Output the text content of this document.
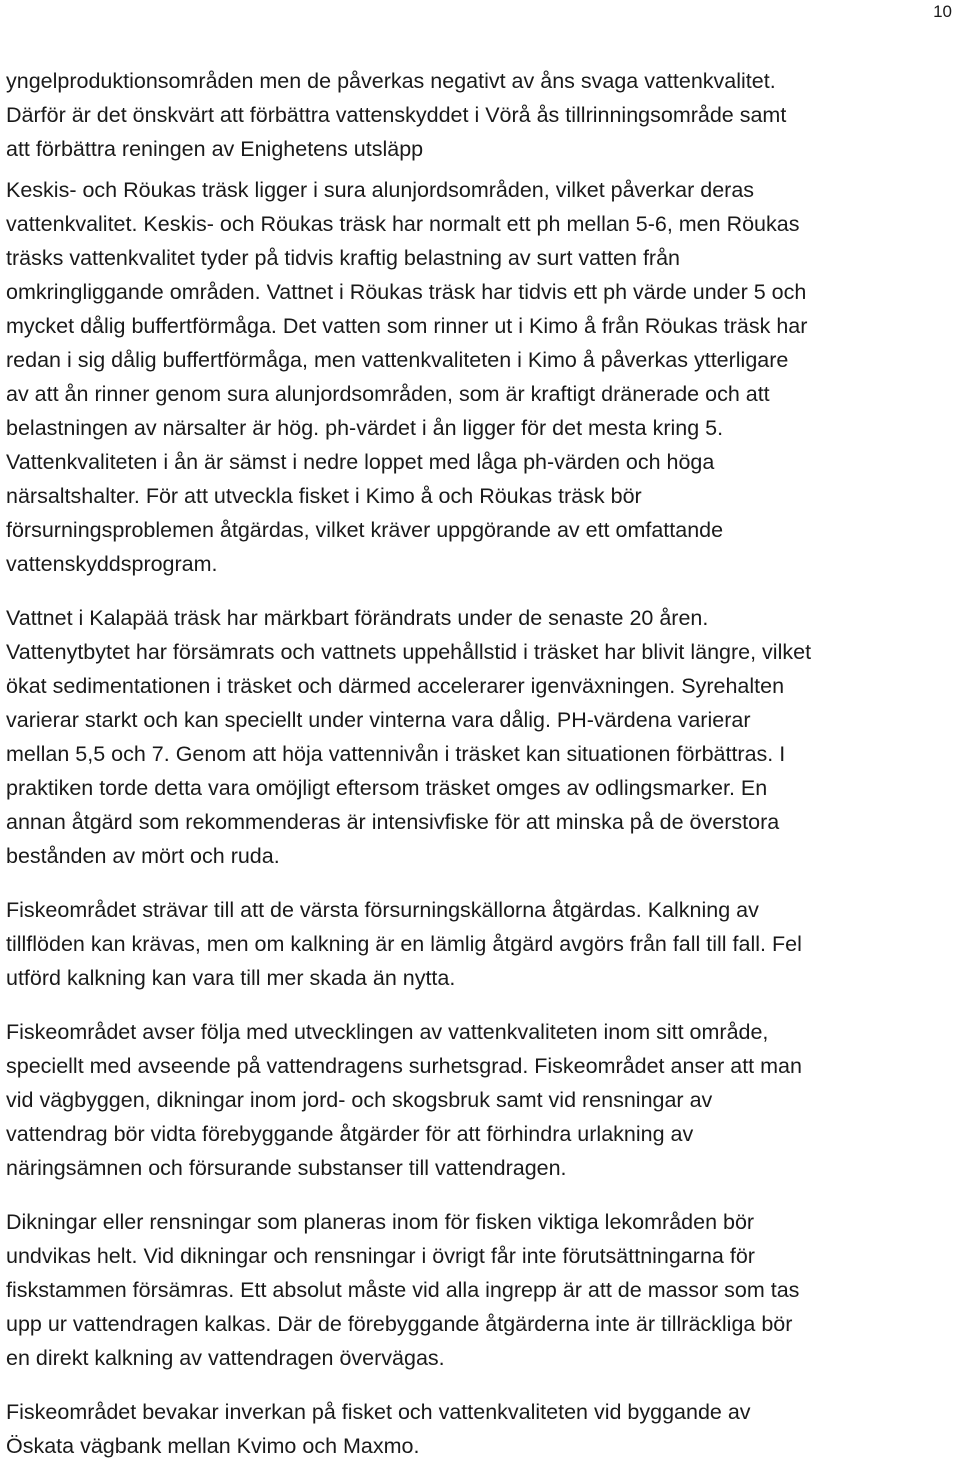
10

yngelproduktionsområden men de påverkas negativt av åns svaga vattenkvalitet.
Därför är det önskvärt att förbättra vattenskyddet i Vörå ås tillrinningsområde samt
att förbättra reningen av Enighetens utsläpp

Keskis- och Röukas träsk ligger i sura alunjordsområden, vilket påverkar deras
vattenkvalitet. Keskis- och Röukas träsk har normalt ett ph mellan 5-6, men Röukas
träsks vattenkvalitet tyder på tidvis kraftig belastning av surt vatten från
omkringliggande områden. Vattnet i Röukas träsk har tidvis ett ph värde under 5 och
mycket dålig buffertförmåga. Det vatten som rinner ut i Kimo å från Röukas träsk har
redan i sig dålig buffertförmåga, men vattenkvaliteten i Kimo å påverkas ytterligare
av att ån rinner genom sura alunjordsområden, som är kraftigt dränerade och att
belastningen av närsalter är hög. ph-värdet i ån ligger för det mesta kring 5.
Vattenkvaliteten i ån är sämst i nedre loppet med låga ph-värden och höga
närsaltshalter. För att utveckla fisket i Kimo å och Röukas träsk bör
försurningsproblemen åtgärdas, vilket kräver uppgörande av ett omfattande
vattenskyddsprogram.

Vattnet i Kalapää träsk har märkbart förändrats under de senaste 20 åren.
Vattenytbytet har försämrats och vattnets uppehållstid i träsket har blivit längre, vilket
ökat sedimentationen i träsket och därmed accelerarer igenväxningen. Syrehalten
varierar starkt och kan speciellt under vinterna vara dålig. PH-värdena varierar
mellan 5,5 och 7. Genom att höja vattennivån i träsket kan situationen förbättras. I
praktiken torde detta vara omöjligt eftersom träsket omges av odlingsmarker. En
annan åtgärd som rekommenderas är intensivfiske för att minska på de överstora
bestånden av mört och ruda.

Fiskeområdet strävar till att de värsta försurningskällorna åtgärdas. Kalkning av
tillflöden kan krävas, men om kalkning är en lämlig åtgärd avgörs från fall till fall. Fel
utförd kalkning kan vara till mer skada än nytta.

Fiskeområdet avser följa med utvecklingen av vattenkvaliteten inom sitt område,
speciellt med avseende på vattendragens surhetsgrad. Fiskeområdet anser att man
vid vägbyggen, dikningar inom jord- och skogsbruk samt vid rensningar av
vattendrag bör vidta förebyggande åtgärder för att förhindra urlakning av
näringsämnen och försurande substanser till vattendragen.

Dikningar eller rensningar som planeras inom för fisken viktiga lekområden bör
undvikas helt. Vid dikningar och rensningar i övrigt får inte förutsättningarna för
fiskstammen försämras. Ett absolut måste vid alla ingrepp är att de massor som tas
upp ur vattendragen kalkas. Där de förebyggande åtgärderna inte är tillräckliga bör
en direkt kalkning av vattendragen övervägas.

Fiskeområdet bevakar inverkan på fisket och vattenkvaliteten vid byggande av
Öskata vägbank mellan Kvimo och Maxmo.
